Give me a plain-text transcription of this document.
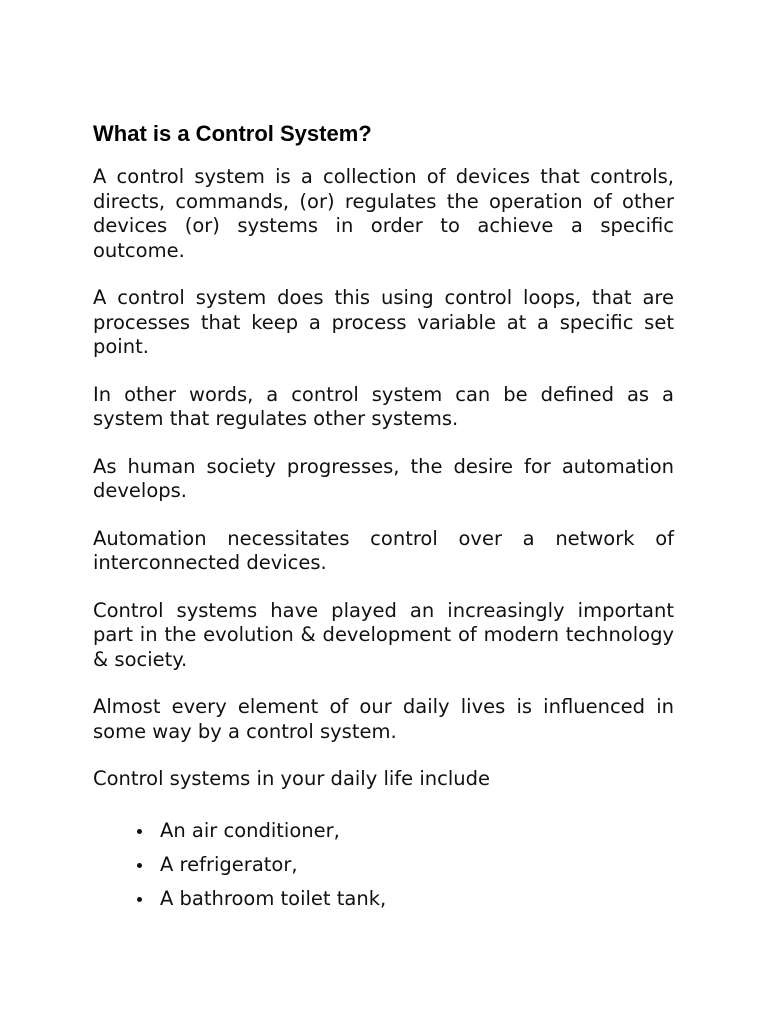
What is a Control System?

A control system is a collection of devices that controls, directs, commands, (or) regulates the operation of other devices (or) systems in order to achieve a specific outcome.

A control system does this using control loops, that are processes that keep a process variable at a specific set point.

In other words, a control system can be defined as a system that regulates other systems.

As human society progresses, the desire for automation develops.

Automation necessitates control over a network of interconnected devices.

Control systems have played an increasingly important part in the evolution & development of modern technology & society.

Almost every element of our daily lives is influenced in some way by a control system.

Control systems in your daily life include

An air conditioner,
A refrigerator,
A bathroom toilet tank,
